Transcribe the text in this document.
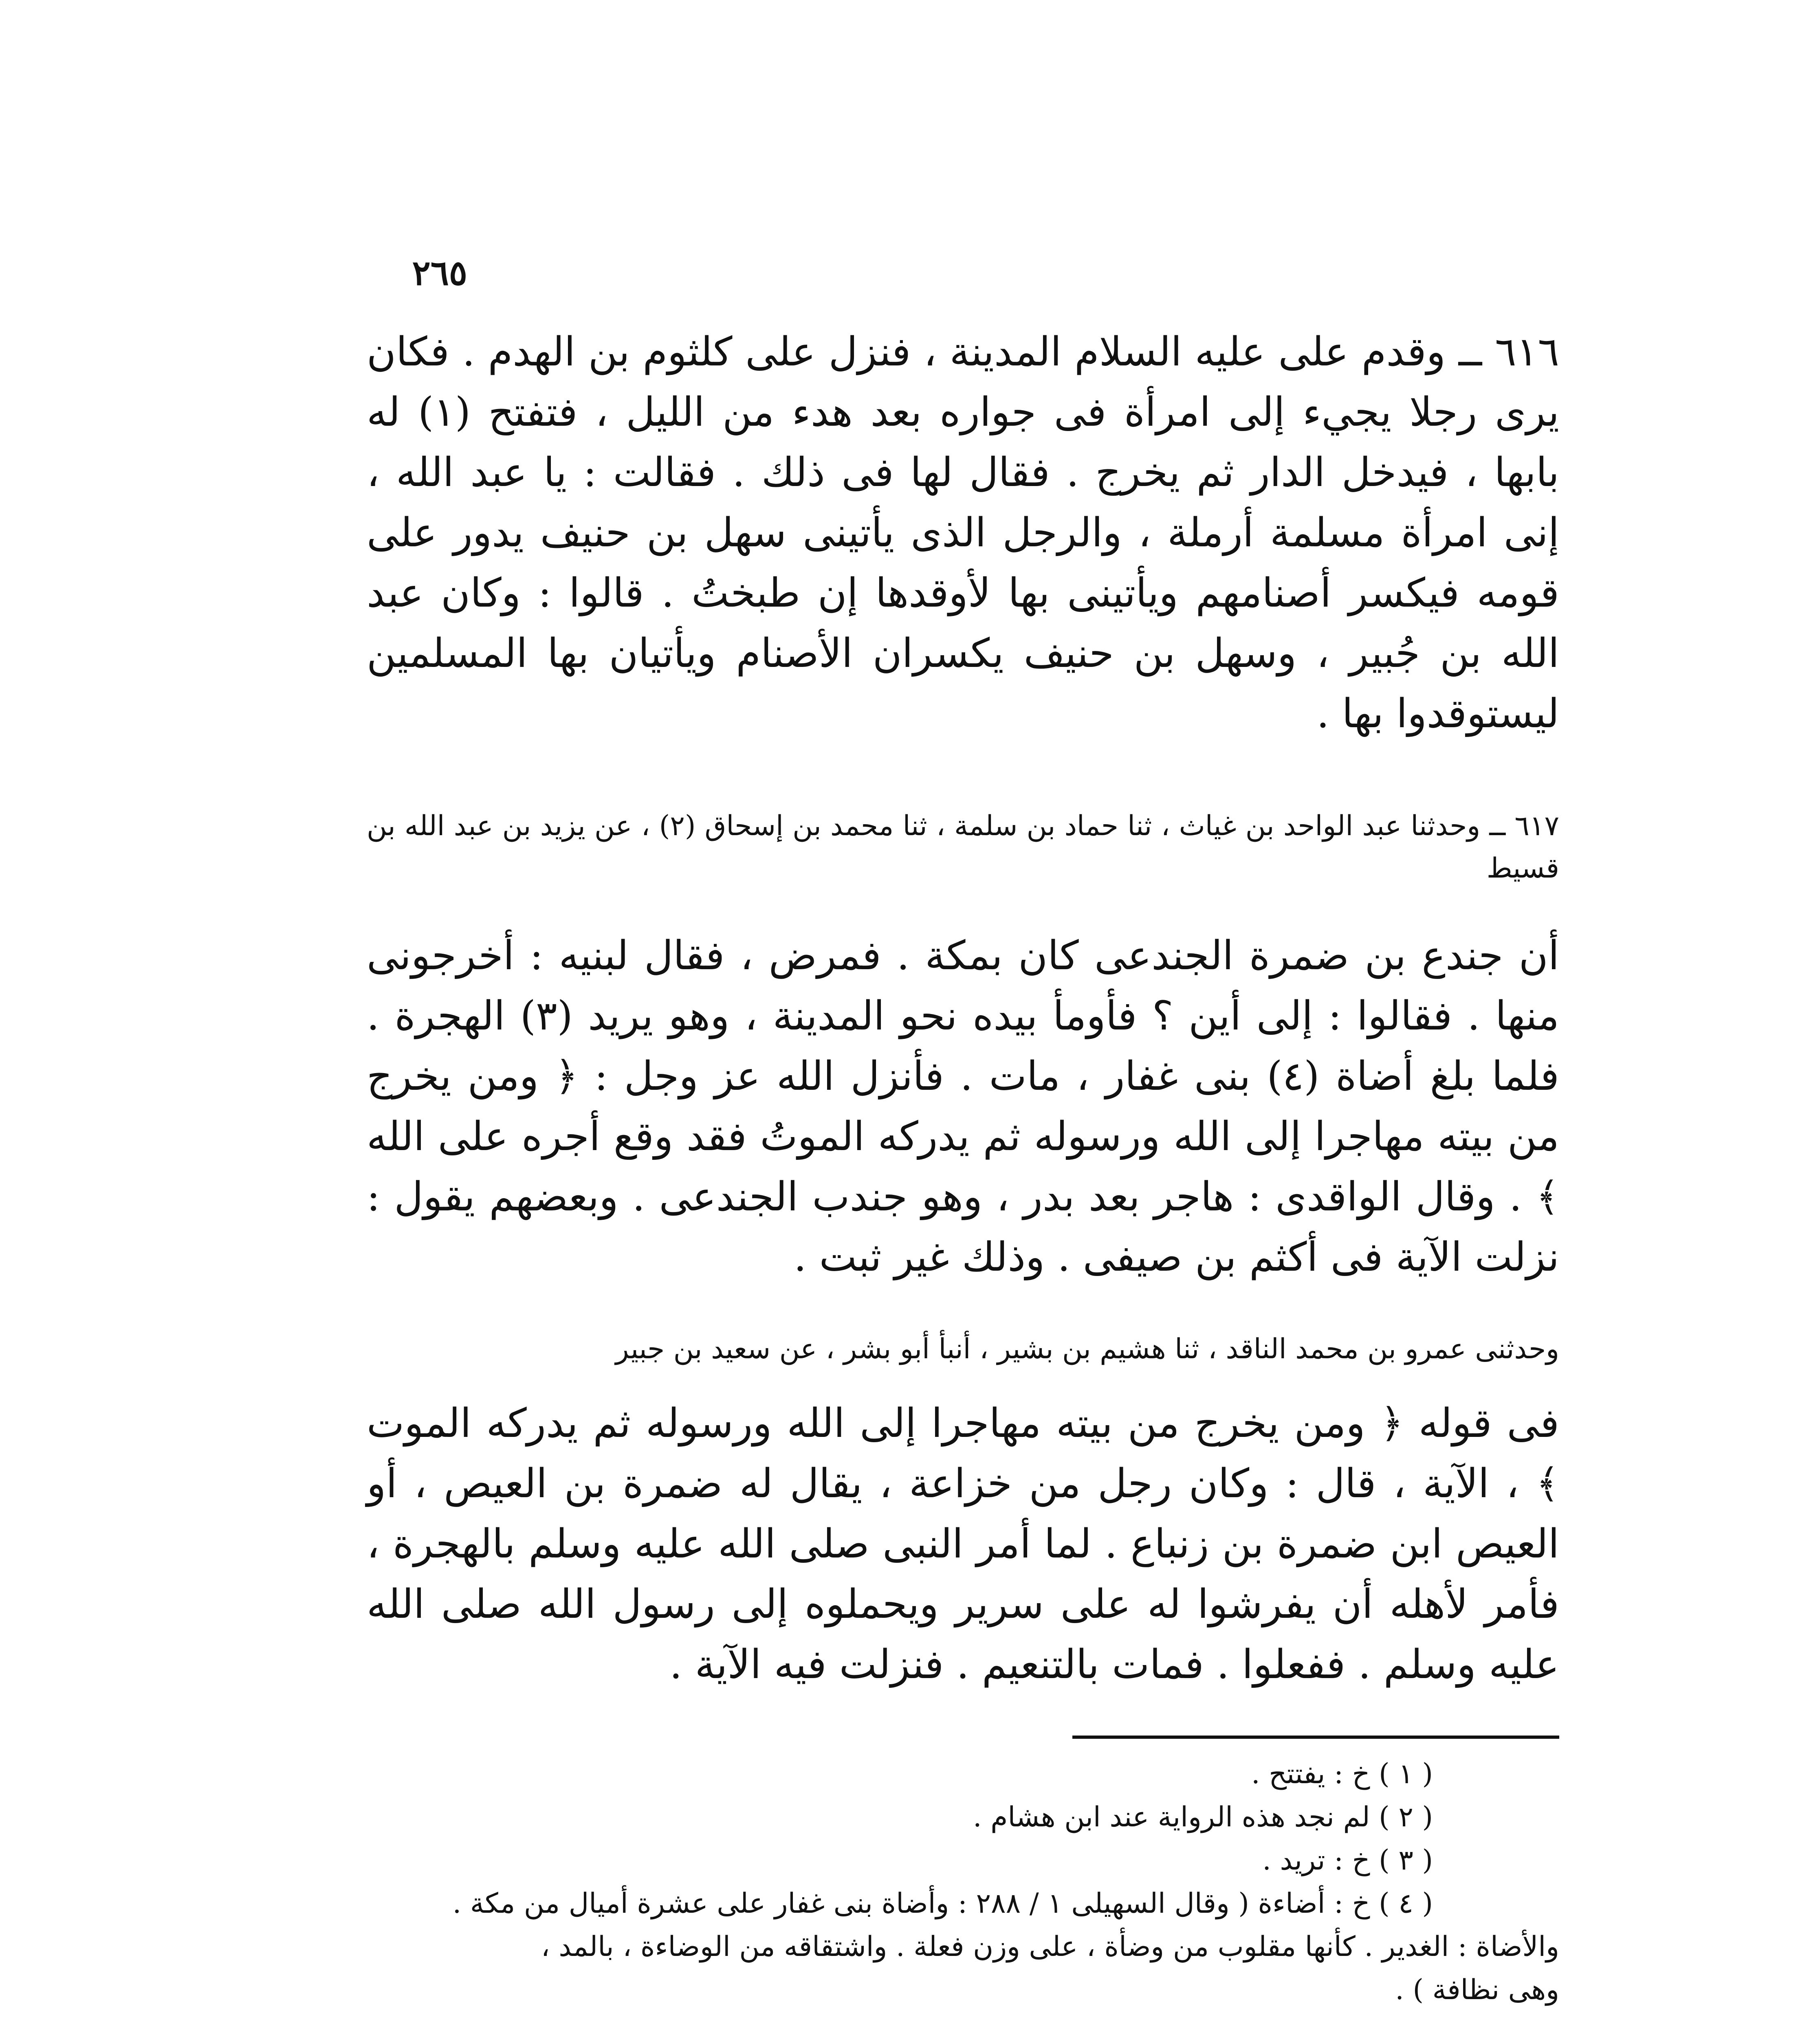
٢٦٥

٦١٦ ــ وقدم على عليه السلام المدينة ، فنزل على كلثوم بن الهدم . فكان يرى رجلا يجيء إلى امرأة فى جواره بعد هدء من الليل ، فتفتح (١) له بابها ، فيدخل الدار ثم يخرج . فقال لها فى ذلك . فقالت : يا عبد الله ، إنى امرأة مسلمة أرملة ، والرجل الذى يأتينى سهل بن حنيف يدور على قومه فيكسر أصنامهم ويأتينى بها لأوقدها إن طبختُ . قالوا : وكان عبد الله بن جُبير ، وسهل بن حنيف يكسران الأصنام ويأتيان بها المسلمين ليستوقدوا بها .

٦١٧ ــ وحدثنا عبد الواحد بن غياث ، ثنا حماد بن سلمة ، ثنا محمد بن إسحاق (٢) ، عن يزيد بن عبد الله بن قسيط

أن جندع بن ضمرة الجندعى كان بمكة . فمرض ، فقال لبنيه : أخرجونى منها . فقالوا : إلى أين ؟ فأومأ بيده نحو المدينة ، وهو يريد (٣) الهجرة . فلما بلغ أضاة (٤) بنى غفار ، مات . فأنزل الله عز وجل : ﴿ ومن يخرج من بيته مهاجرا إلى الله ورسوله ثم يدركه الموتُ فقد وقع أجره على الله ﴾ . وقال الواقدى : هاجر بعد بدر ، وهو جندب الجندعى . وبعضهم يقول : نزلت الآية فى أكثم بن صيفى . وذلك غير ثبت .

وحدثنى عمرو بن محمد الناقد ، ثنا هشيم بن بشير ، أنبأ أبو بشر ، عن سعيد بن جبير

فى قوله ﴿ ومن يخرج من بيته مهاجرا إلى الله ورسوله ثم يدركه الموت ﴾ ، الآية ، قال : وكان رجل من خزاعة ، يقال له ضمرة بن العيص ، أو العيص ابن ضمرة بن زنباع . لما أمر النبى صلى الله عليه وسلم بالهجرة ، فأمر لأهله أن يفرشوا له على سرير ويحملوه إلى رسول الله صلى الله عليه وسلم . ففعلوا . فمات بالتنعيم . فنزلت فيه الآية .

( ١ ) خ : يفتتح .

( ٢ ) لم نجد هذه الرواية عند ابن هشام .

( ٣ ) خ : تريد .

( ٤ ) خ : أضاءة ( وقال السهيلى ١ / ٢٨٨ : وأضاة بنى غفار على عشرة أميال من مكة .

والأضاة : الغدير . كأنها مقلوب من وضأة ، على وزن فعلة . واشتقاقه من الوضاءة ، بالمد ،

وهى نظافة ) .
